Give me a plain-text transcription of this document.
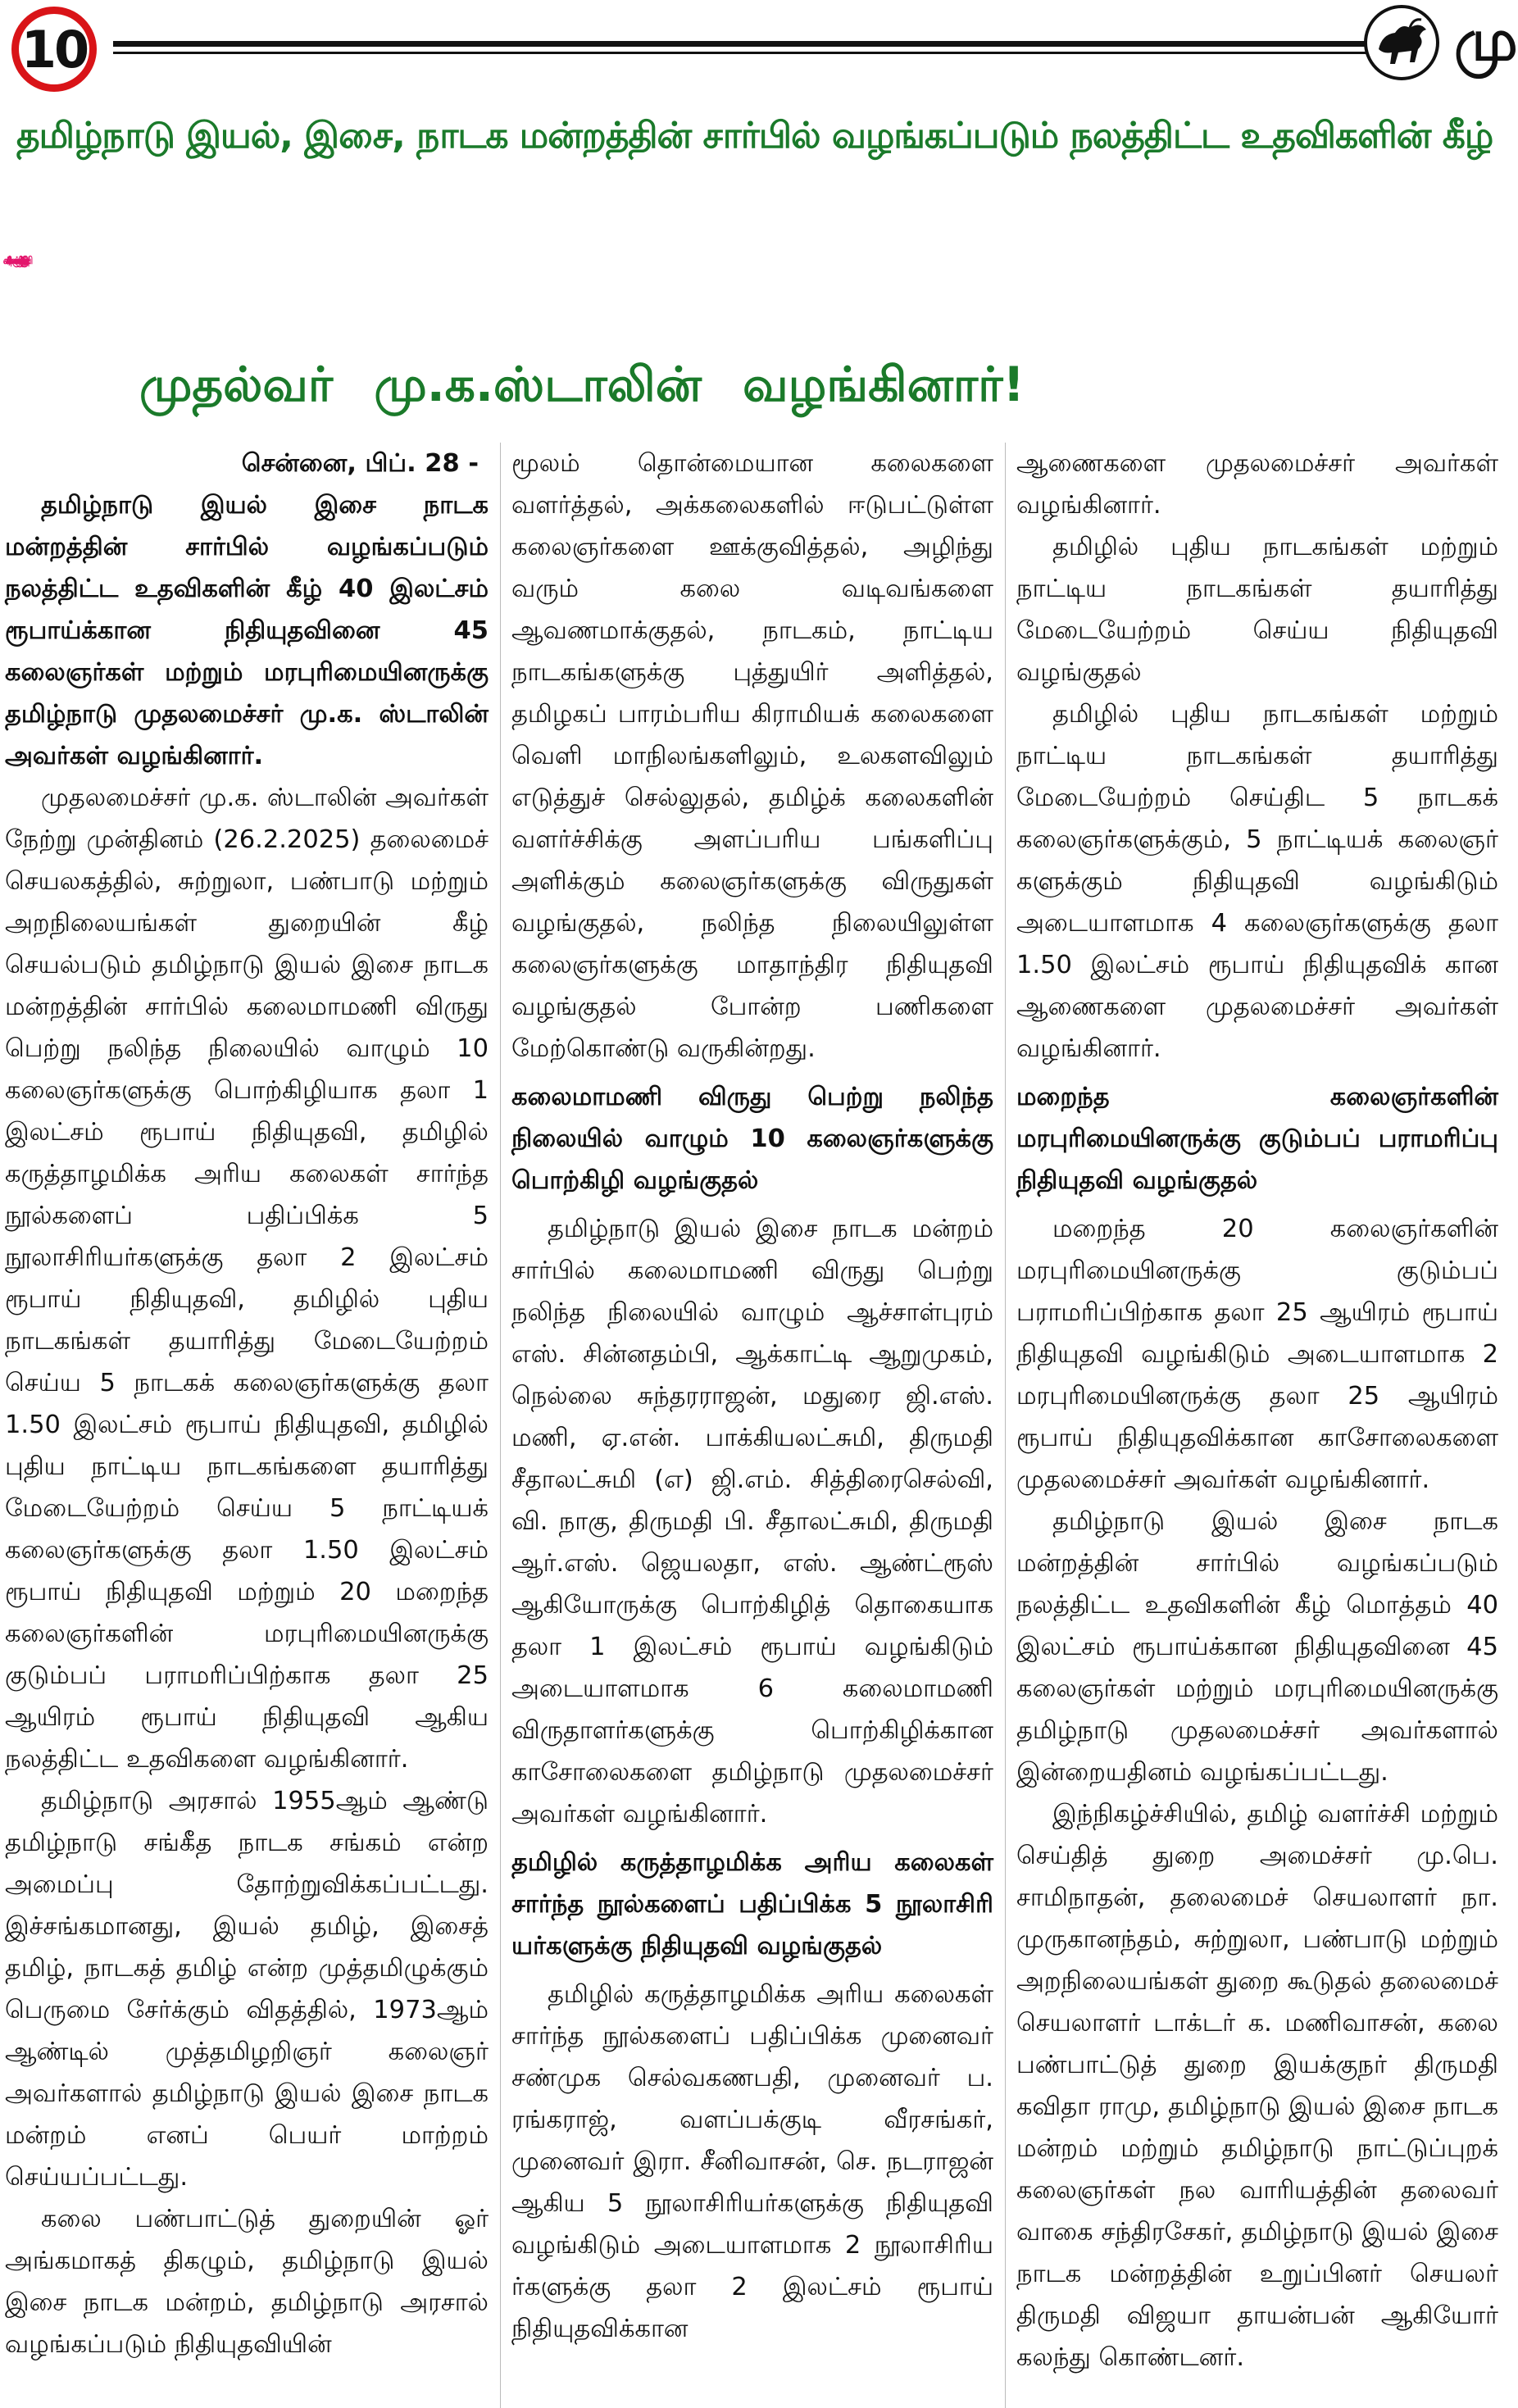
10	மு
தமிழ்நாடு இயல், இசை, நாடக மன்றத்தின் சார்பில் வழங்கப்படும் நலத்திட்ட உதவிகளின் கீழ்
45 கலைஞர்கள் - மரபுரிமையினருக்கு 40 லட்சம் ரூபாய் நிதியுதவி!
முதல்வர் மு.க.ஸ்டாலின் வழங்கினார்!

சென்னை, பிப். 28 -

தமிழ்நாடு இயல் இசை நாடக மன்றத்தின் சார்பில் வழங்கப்படும் நலத்திட்ட உதவிகளின் கீழ் 40 இலட்சம் ரூபாய்க்கான நிதியுதவினை 45 கலைஞர்கள் மற்றும் மரபுரிமையினருக்கு தமிழ்நாடு முதலமைச்சர் மு.க. ஸ்டாலின் அவர்கள் வழங்கினார்.

முதலமைச்சர் மு.க. ஸ்டாலின் அவர்கள் நேற்று முன்தினம் (26.2.2025) தலைமைச் செயலகத்தில், சுற்றுலா, பண்பாடு மற்றும் அறநிலையங்கள் துறையின் கீழ் செயல்படும் தமிழ்நாடு இயல் இசை நாடக மன்றத்தின் சார்பில் கலைமாமணி விருது பெற்று நலிந்த நிலையில் வாழும் 10 கலைஞர்களுக்கு பொற்கிழியாக தலா 1 இலட்சம் ரூபாய் நிதியுதவி, தமிழில் கருத்தாழமிக்க அரிய கலைகள் சார்ந்த நூல்களைப் பதிப்பிக்க 5 நூலாசிரியர்களுக்கு தலா 2 இலட்சம் ரூபாய் நிதியுதவி, தமிழில் புதிய நாடகங்கள் தயாரித்து மேடையேற்றம் செய்ய 5 நாடகக் கலைஞர்களுக்கு தலா 1.50 இலட்சம் ரூபாய் நிதியுதவி, தமிழில் புதிய நாட்டிய நாடகங்களை தயாரித்து மேடையேற்றம் செய்ய 5 நாட்டியக் கலைஞர்களுக்கு தலா 1.50 இலட்சம் ரூபாய் நிதியுதவி மற்றும் 20 மறைந்த கலைஞர்களின் மரபுரிமையினருக்கு குடும்பப் பராமரிப்பிற்காக தலா 25 ஆயிரம் ரூபாய் நிதியுதவி ஆகிய நலத்திட்ட உதவிகளை வழங்கினார்.

தமிழ்நாடு அரசால் 1955ஆம் ஆண்டு தமிழ்நாடு சங்கீத நாடக சங்கம் என்ற அமைப்பு தோற்றுவிக்கப்பட்டது. இச்சங்கமானது, இயல் தமிழ், இசைத் தமிழ், நாடகத் தமிழ் என்ற முத்தமிழுக்கும் பெருமை சேர்க்கும் விதத்தில், 1973ஆம் ஆண்டில் முத்தமிழறிஞர் கலைஞர் அவர்களால் தமிழ்நாடு இயல் இசை நாடக மன்றம் எனப் பெயர் மாற்றம் செய்யப்பட்டது.

கலை பண்பாட்டுத் துறையின் ஓர் அங்கமாகத் திகழும், தமிழ்நாடு இயல் இசை நாடக மன்றம், தமிழ்நாடு அரசால் வழங்கப்படும் நிதியுதவியின்

மூலம் தொன்மையான கலைகளை வளர்த்தல், அக்கலைகளில் ஈடுபட்டுள்ள கலைஞர்களை ஊக்குவித்தல், அழிந்து வரும் கலை வடிவங்களை ஆவணமாக்குதல், நாடகம், நாட்டிய நாடகங்களுக்கு புத்துயிர் அளித்தல், தமிழகப் பாரம்பரிய கிராமியக் கலைகளை வெளி மாநிலங்களிலும், உலகளவிலும் எடுத்துச் செல்லுதல், தமிழ்க் கலைகளின் வளர்ச்சிக்கு அளப்பரிய பங்களிப்பு அளிக்கும் கலைஞர்களுக்கு விருதுகள் வழங்குதல், நலிந்த நிலையிலுள்ள கலைஞர்களுக்கு மாதாந்திர நிதியுதவி வழங்குதல் போன்ற பணிகளை மேற்கொண்டு வருகின்றது.

கலைமாமணி விருது பெற்று நலிந்த நிலையில் வாழும் 10 கலைஞர்களுக்கு பொற்கிழி வழங்குதல்

தமிழ்நாடு இயல் இசை நாடக மன்றம் சார்பில் கலைமாமணி விருது பெற்று நலிந்த நிலையில் வாழும் ஆச்சாள்புரம் எஸ். சின்னதம்பி, ஆக்காட்டி ஆறுமுகம், நெல்லை சுந்தரராஜன், மதுரை ஜி.எஸ். மணி, ஏ.என். பாக்கியலட்சுமி, திருமதி சீதாலட்சுமி (எ) ஜி.எம். சித்திரைசெல்வி, வி. நாகு, திருமதி பி. சீதாலட்சுமி, திருமதி ஆர்.எஸ். ஜெயலதா, எஸ். ஆண்ட்ரூஸ் ஆகியோருக்கு பொற்கிழித் தொகையாக தலா 1 இலட்சம் ரூபாய் வழங்கிடும் அடையாளமாக 6 கலைமாமணி விருதாளர்களுக்கு பொற்கிழிக்கான காசோலைகளை தமிழ்நாடு முதலமைச்சர் அவர்கள் வழங்கினார்.

தமிழில் கருத்தாழமிக்க அரிய கலைகள் சார்ந்த நூல்களைப் பதிப்பிக்க 5 நூலாசிரி யர்களுக்கு நிதியுதவி வழங்குதல்

தமிழில் கருத்தாழமிக்க அரிய கலைகள் சார்ந்த நூல்களைப் பதிப்பிக்க முனைவர் சண்முக செல்வகணபதி, முனைவர் ப. ரங்கராஜ், வளப்பக்குடி வீரசங்கர், முனைவர் இரா. சீனிவாசன், செ. நடராஜன் ஆகிய 5 நூலாசிரியர்களுக்கு நிதியுதவி வழங்கிடும் அடையாளமாக 2 நூலாசிரிய ர்களுக்கு தலா 2 இலட்சம் ரூபாய் நிதியுதவிக்கான

ஆணைகளை முதலமைச்சர் அவர்கள் வழங்கினார்.

தமிழில் புதிய நாடகங்கள் மற்றும் நாட்டிய நாடகங்கள் தயாரித்து மேடையேற்றம் செய்ய நிதியுதவி வழங்குதல்

தமிழில் புதிய நாடகங்கள் மற்றும் நாட்டிய நாடகங்கள் தயாரித்து மேடையேற்றம் செய்திட 5 நாடகக் கலைஞர்களுக்கும், 5 நாட்டியக் கலைஞர் களுக்கும் நிதியுதவி வழங்கிடும் அடையாளமாக 4 கலைஞர்களுக்கு தலா 1.50 இலட்சம் ரூபாய் நிதியுதவிக் கான ஆணைகளை முதலமைச்சர் அவர்கள் வழங்கினார்.

மறைந்த கலைஞர்களின் மரபுரிமையினருக்கு குடும்பப் பராமரிப்பு நிதியுதவி வழங்குதல்

மறைந்த 20 கலைஞர்களின் மரபுரிமையினருக்கு குடும்பப் பராமரிப்பிற்காக தலா 25 ஆயிரம் ரூபாய் நிதியுதவி வழங்கிடும் அடையாளமாக 2 மரபுரிமையினருக்கு தலா 25 ஆயிரம் ரூபாய் நிதியுதவிக்கான காசோலைகளை முதலமைச்சர் அவர்கள் வழங்கினார்.

தமிழ்நாடு இயல் இசை நாடக மன்றத்தின் சார்பில் வழங்கப்படும் நலத்திட்ட உதவிகளின் கீழ் மொத்தம் 40 இலட்சம் ரூபாய்க்கான நிதியுதவினை 45 கலைஞர்கள் மற்றும் மரபுரிமையினருக்கு தமிழ்நாடு முதலமைச்சர் அவர்களால் இன்றையதினம் வழங்கப்பட்டது.

இந்நிகழ்ச்சியில், தமிழ் வளர்ச்சி மற்றும் செய்தித் துறை அமைச்சர் மு.பெ. சாமிநாதன், தலைமைச் செயலாளர் நா. முருகானந்தம், சுற்றுலா, பண்பாடு மற்றும் அறநிலையங்கள் துறை கூடுதல் தலைமைச் செயலாளர் டாக்டர் க. மணிவாசன், கலை பண்பாட்டுத் துறை இயக்குநர் திருமதி கவிதா ராமு, தமிழ்நாடு இயல் இசை நாடக மன்றம் மற்றும் தமிழ்நாடு நாட்டுப்புறக் கலைஞர்கள் நல வாரியத்தின் தலைவர் வாகை சந்திரசேகர், தமிழ்நாடு இயல் இசை நாடக மன்றத்தின் உறுப்பினர் செயலர் திருமதி விஜயா தாயன்பன் ஆகியோர் கலந்து கொண்டனர்.
